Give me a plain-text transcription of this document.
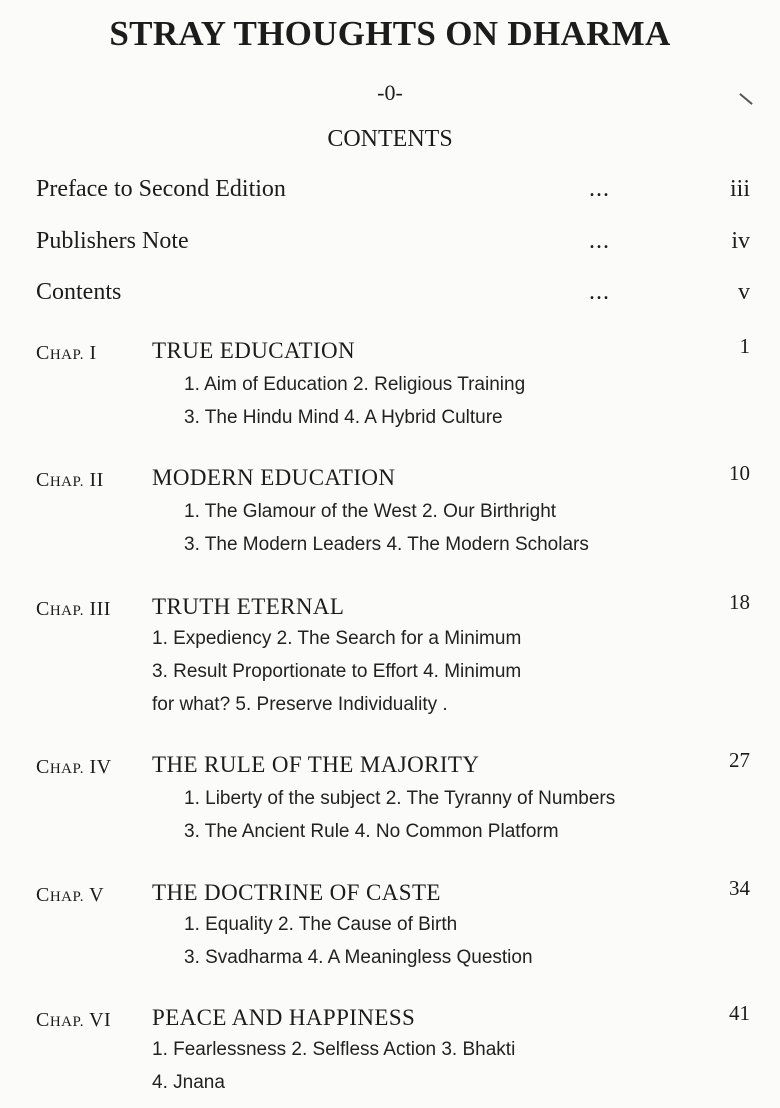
STRAY THOUGHTS ON DHARMA
-0-
CONTENTS
Preface to Second Edition	...	iii
Publishers Note	...	iv
Contents	...	v
CHAP. I TRUE EDUCATION	1
1. Aim of Education 2. Religious Training
3. The Hindu Mind 4. A Hybrid Culture
CHAP. II MODERN EDUCATION	10
1. The Glamour of the West 2. Our Birthright
3. The Modern Leaders 4. The Modern Scholars
CHAP. III TRUTH ETERNAL	18
1. Expediency 2. The Search for a Minimum
3. Result Proportionate to Effort 4. Minimum
for what? 5. Preserve Individuality .
CHAP. IV THE RULE OF THE MAJORITY	27
1. Liberty of the subject 2. The Tyranny of Numbers
3. The Ancient Rule 4. No Common Platform
CHAP. V THE DOCTRINE OF CASTE	34
1. Equality 2. The Cause of Birth
3. Svadharma 4. A Meaningless Question
CHAP. VI PEACE AND HAPPINESS	41
1. Fearlessness 2. Selfless Action 3. Bhakti
4. Jnana
